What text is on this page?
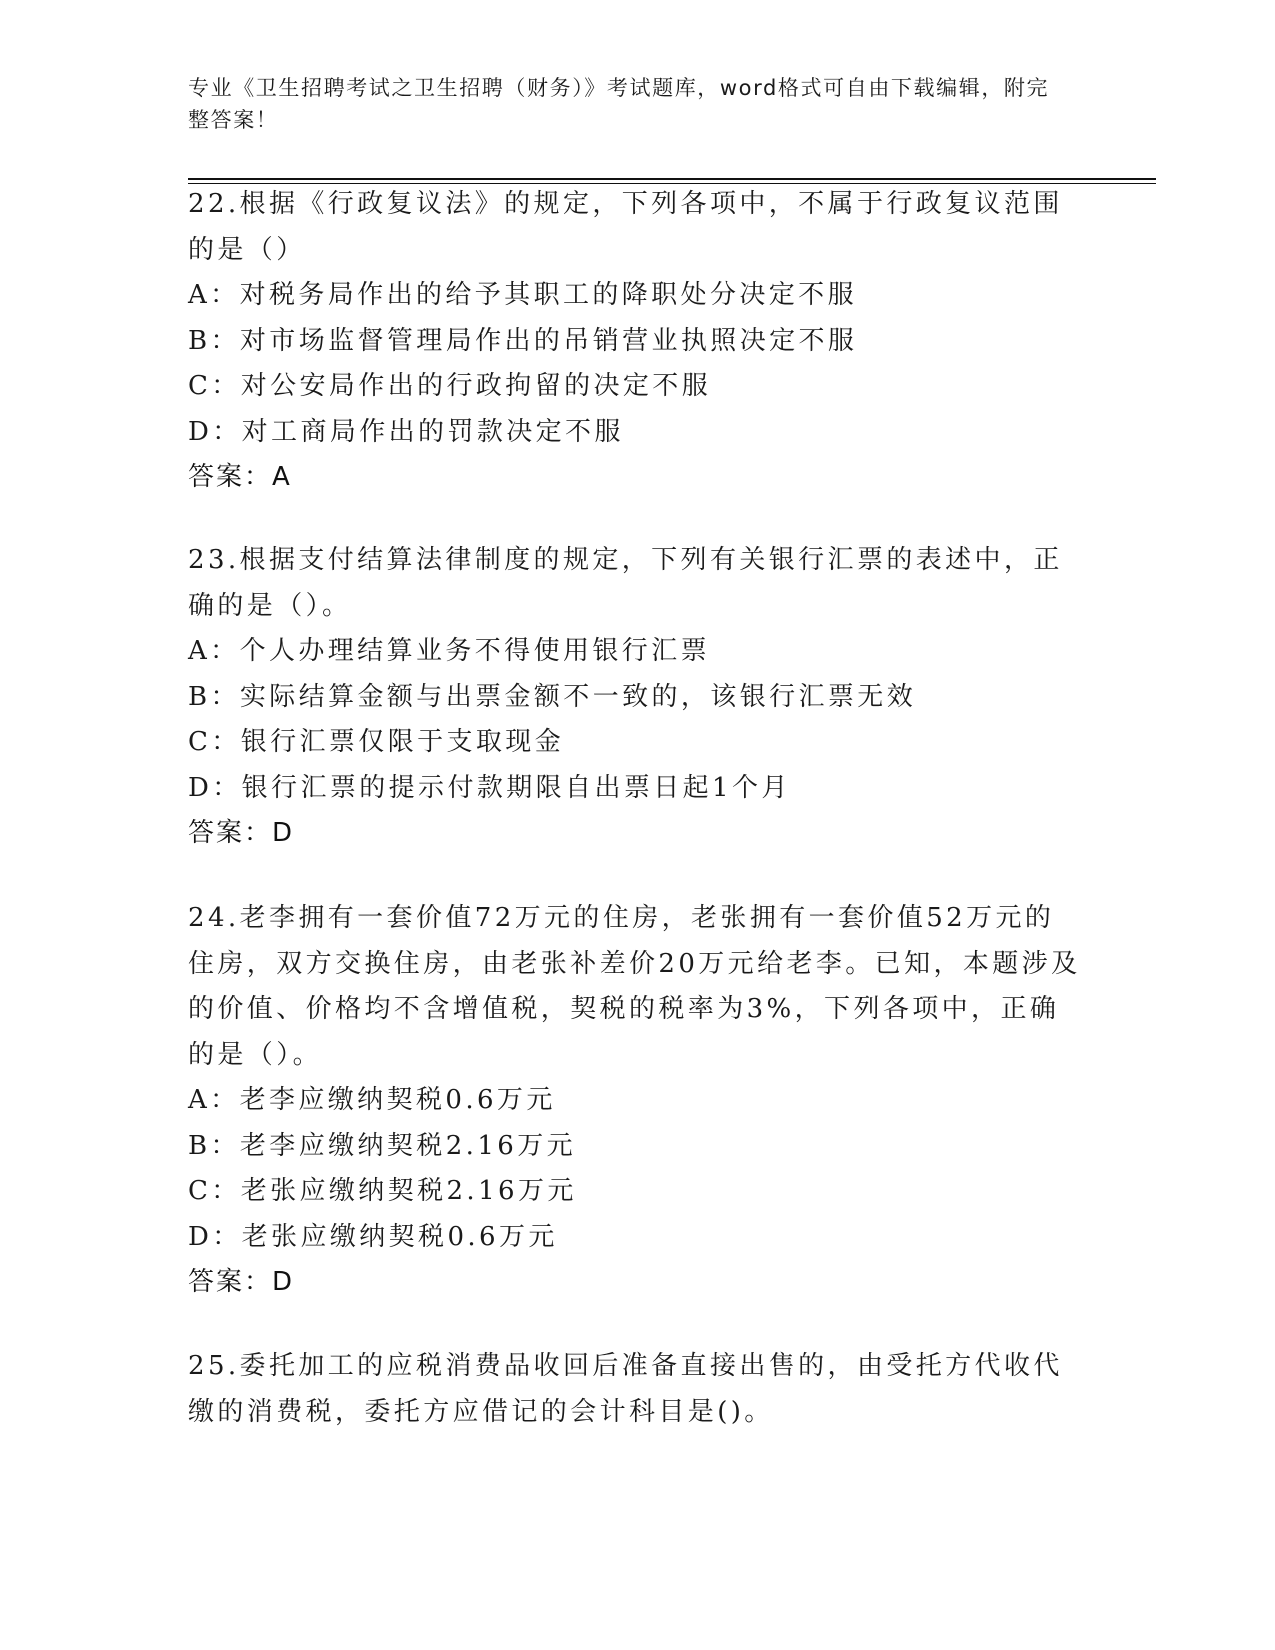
专业《卫生招聘考试之卫生招聘（财务）》考试题库，word格式可自由下载编辑，附完整答案！

22.根据《行政复议法》的规定，下列各项中，不属于行政复议范围的是（）

A：对税务局作出的给予其职工的降职处分决定不服
B：对市场监督管理局作出的吊销营业执照决定不服
C：对公安局作出的行政拘留的决定不服
D：对工商局作出的罚款决定不服
答案：A

23.根据支付结算法律制度的规定，下列有关银行汇票的表述中，正确的是（）。

A：个人办理结算业务不得使用银行汇票
B：实际结算金额与出票金额不一致的，该银行汇票无效
C：银行汇票仅限于支取现金
D：银行汇票的提示付款期限自出票日起1个月
答案：D

24.老李拥有一套价值72万元的住房，老张拥有一套价值52万元的住房，双方交换住房，由老张补差价20万元给老李。已知，本题涉及的价值、价格均不含增值税，契税的税率为3%，下列各项中，正确的是（）。

A：老李应缴纳契税0.6万元
B：老李应缴纳契税2.16万元
C：老张应缴纳契税2.16万元
D：老张应缴纳契税0.6万元
答案：D

25.委托加工的应税消费品收回后准备直接出售的，由受托方代收代缴的消费税，委托方应借记的会计科目是()。
